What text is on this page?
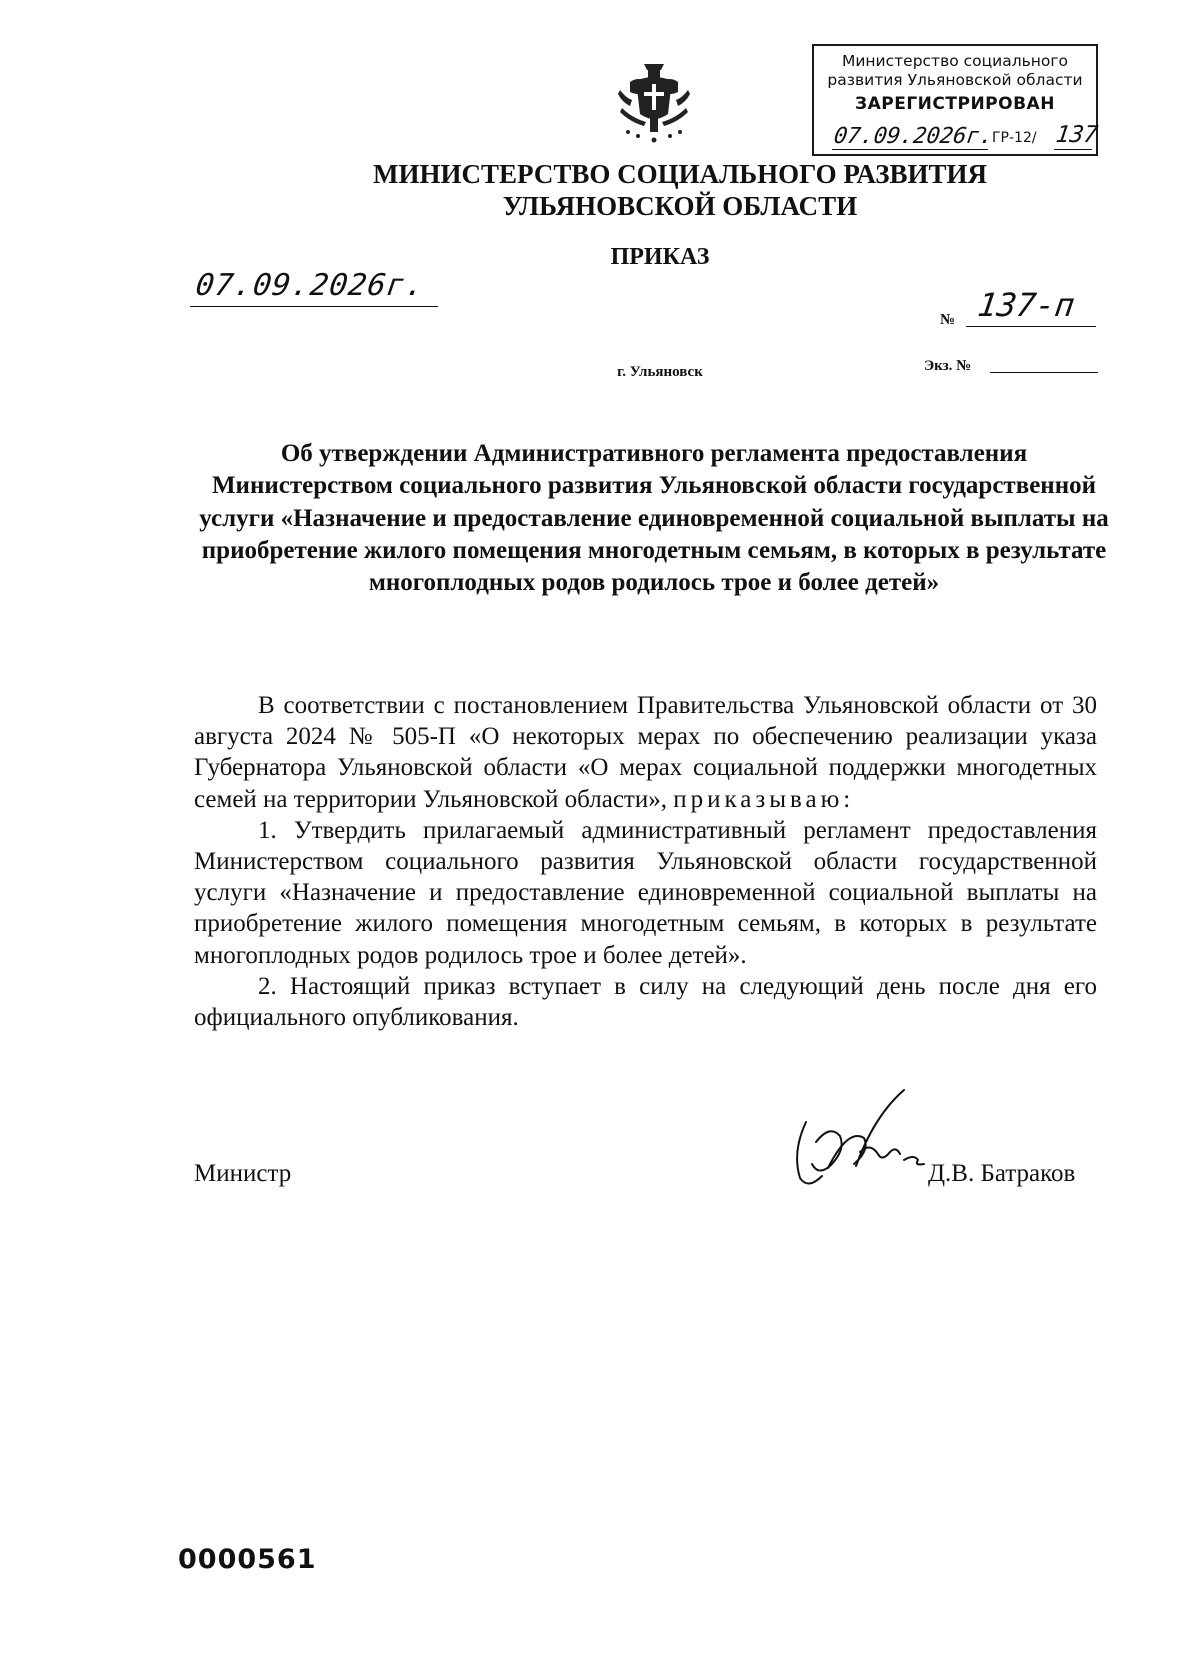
Министерство социального
развития Ульяновской области
ЗАРЕГИСТРИРОВАН
07.09.2026г.
ГР-12/ 137
МИНИСТЕРСТВО СОЦИАЛЬНОГО РАЗВИТИЯ
УЛЬЯНОВСКОЙ ОБЛАСТИ
ПРИКАЗ
07.09.2026г.
№ 137-п
Экз. №
г. Ульяновск
Об утверждении Административного регламента предоставления Министерством социального развития Ульяновской области государственной услуги «Назначение и предоставление единовременной социальной выплаты на приобретение жилого помещения многодетным семьям, в которых в результате многоплодных родов родилось трое и более детей»

В соответствии с постановлением Правительства Ульяновской области от 30 августа 2024 № 505-П «О некоторых мерах по обеспечению реализации указа Губернатора Ульяновской области «О мерах социальной поддержки многодетных семей на территории Ульяновской области», приказываю:

1. Утвердить прилагаемый административный регламент предоставления Министерством социального развития Ульяновской области государственной услуги «Назначение и предоставление единовременной социальной выплаты на приобретение жилого помещения многодетным семьям, в которых в результате многоплодных родов родилось трое и более детей».

2. Настоящий приказ вступает в силу на следующий день после дня его официального опубликования.

Министр	Д.В. Батраков
0000561
